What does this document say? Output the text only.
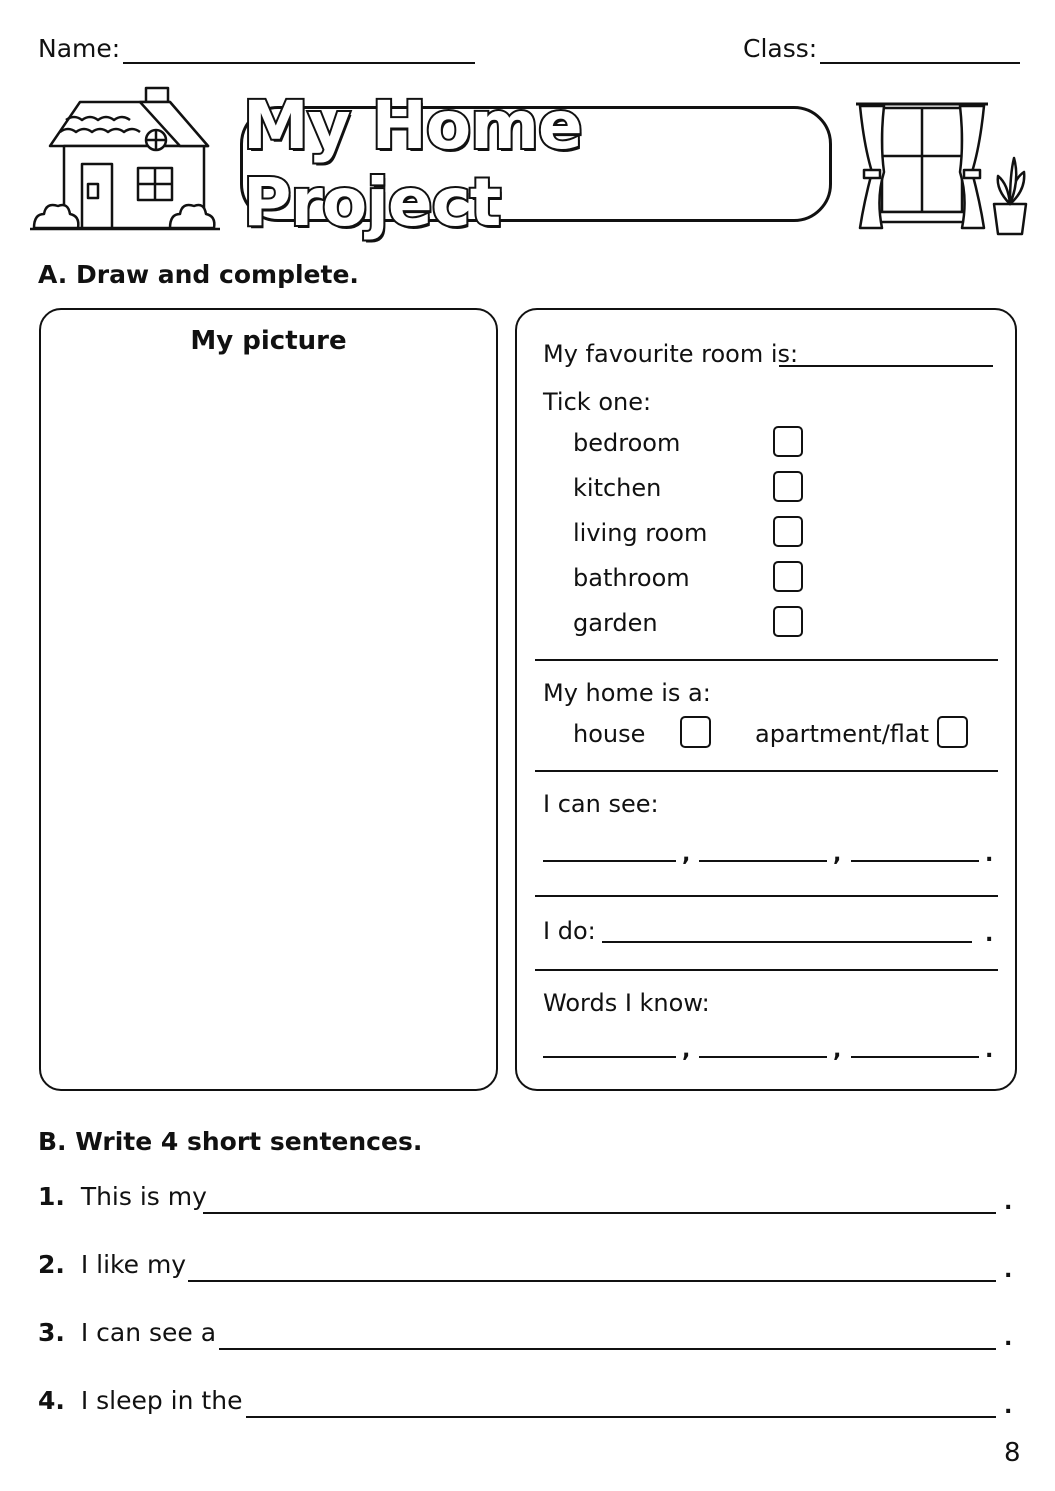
Name:	Class:
My Home Project
A. Draw and complete.
My picture	My favourite room is:
Tick one:
bedroom
kitchen
living room
bathroom
garden
My home is a:
house	apartment/flat
I can see:
,	,	.
I do:	.
Words I know:
,	,	.
B. Write 4 short sentences.
1. This is my	.
2. I like my	.
3. I can see a	.
4. I sleep in the	.
8
